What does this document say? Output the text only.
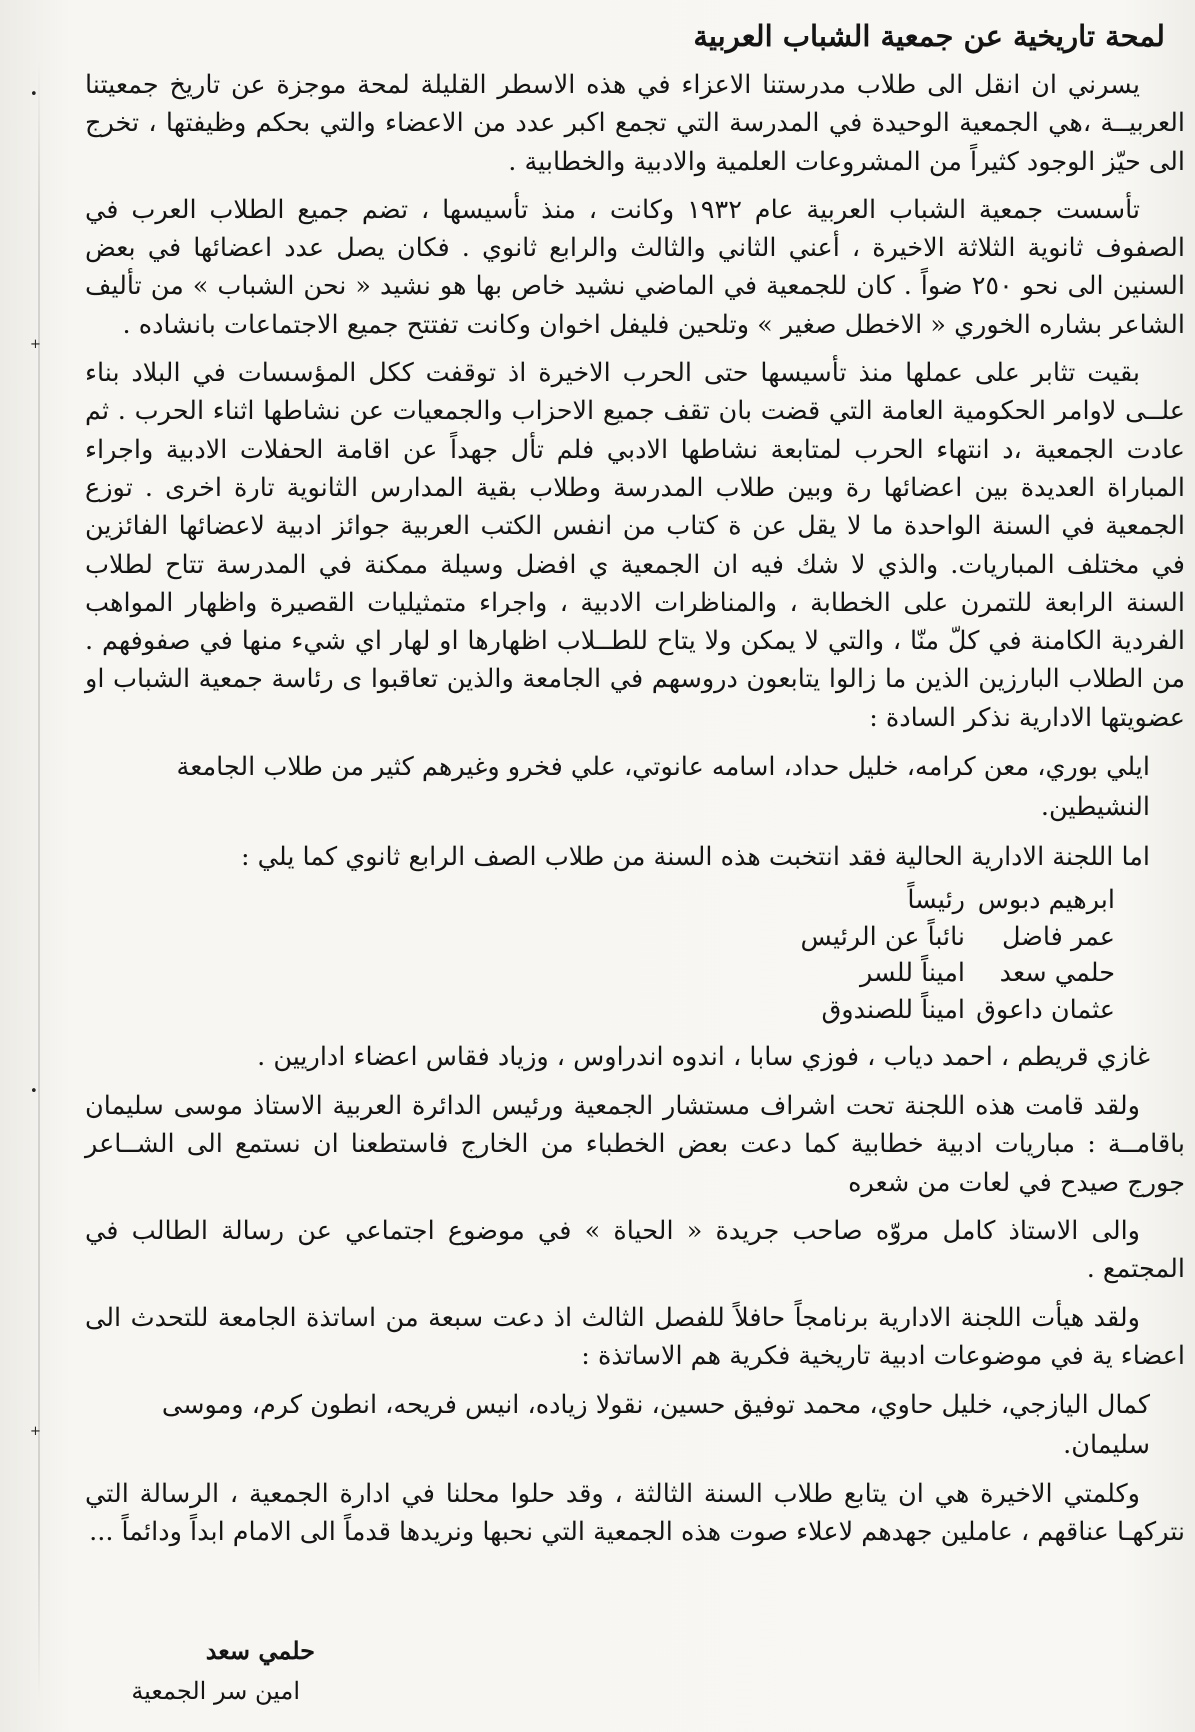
•
+
•
+
لمحة تاريخية عن جمعية الشباب العربية

يسرني ان انقل الى طلاب مدرستنا الاعزاء في هذه الاسطر القليلة لمحة موجزة عن تاريخ جمعيتنا العربيــة ،هي الجمعية الوحيدة في المدرسة التي تجمع اكبر عدد من الاعضاء والتي بحكم وظيفتها ، تخرج الى حيّز الوجود كثيراً من المشروعات العلمية والادبية والخطابية .

تأسست جمعية الشباب العربية عام ١٩٣٢ وكانت ، منذ تأسيسها ، تضم جميع الطلاب العرب في الصفوف ثانوية الثلاثة الاخيرة ، أعني الثاني والثالث والرابع ثانوي . فكان يصل عدد اعضائها في بعض السنين الى نحو ٢٥٠ ضواً . كان للجمعية في الماضي نشيد خاص بها هو نشيد « نحن الشباب » من تأليف الشاعر بشاره الخوري « الاخطل صغير » وتلحين فليفل اخوان وكانت تفتتح جميع الاجتماعات بانشاده .

بقيت تثابر على عملها منذ تأسيسها حتى الحرب الاخيرة اذ توقفت ككل المؤسسات في البلاد بناء علــى لاوامر الحكومية العامة التي قضت بان تقف جميع الاحزاب والجمعيات عن نشاطها اثناء الحرب . ثم عادت الجمعية ،د انتهاء الحرب لمتابعة نشاطها الادبي فلم تأل جهداً عن اقامة الحفلات الادبية واجراء المباراة العديدة بين اعضائها رة وبين طلاب المدرسة وطلاب بقية المدارس الثانوية تارة اخرى . توزع الجمعية في السنة الواحدة ما لا يقل عن ة كتاب من انفس الكتب العربية جوائز ادبية لاعضائها الفائزين في مختلف المباريات. والذي لا شك فيه ان الجمعية ي افضل وسيلة ممكنة في المدرسة تتاح لطلاب السنة الرابعة للتمرن على الخطابة ، والمناظرات الادبية ، واجراء متمثيليات القصيرة واظهار المواهب الفردية الكامنة في كلّ منّا ، والتي لا يمكن ولا يتاح للطــلاب اظهارها او لهار اي شيء منها في صفوفهم . من الطلاب البارزين الذين ما زالوا يتابعون دروسهم في الجامعة والذين تعاقبوا ى رئاسة جمعية الشباب او عضويتها الادارية نذكر السادة :

ايلي بوري، معن كرامه، خليل حداد، اسامه عانوتي، علي فخرو وغيرهم كثير من طلاب الجامعة النشيطين.

اما اللجنة الادارية الحالية فقد انتخبت هذه السنة من طلاب الصف الرابع ثانوي كما يلي :

ابرهيم دبوس
رئيساً
عمر فاضل
نائباً عن الرئيس
حلمي سعد
اميناً للسر
عثمان داعوق
اميناً للصندوق

غازي قريطم ، احمد دياب ، فوزي سابا ، اندوه اندراوس ، وزياد فقاس اعضاء اداريين .

ولقد قامت هذه اللجنة تحت اشراف مستشار الجمعية ورئيس الدائرة العربية الاستاذ موسى سليمان باقامــة : مباريات ادبية خطابية كما دعت بعض الخطباء من الخارج فاستطعنا ان نستمع الى الشــاعر جورج صيدح في لعات من شعره

والى الاستاذ كامل مروّه صاحب جريدة « الحياة » في موضوع اجتماعي عن رسالة الطالب في المجتمع .

ولقد هيأت اللجنة الادارية برنامجاً حافلاً للفصل الثالث اذ دعت سبعة من اساتذة الجامعة للتحدث الى اعضاء ية في موضوعات ادبية تاريخية فكرية هم الاساتذة :

كمال اليازجي، خليل حاوي، محمد توفيق حسين، نقولا زياده، انيس فريحه، انطون كرم، وموسى سليمان.

وكلمتي الاخيرة هي ان يتابع طلاب السنة الثالثة ، وقد حلوا محلنا في ادارة الجمعية ، الرسالة التي نتركهـا عناقهم ، عاملين جهدهم لاعلاء صوت هذه الجمعية التي نحبها ونريدها قدماً الى الامام ابداً ودائماً ...

حلمي سعد
امين سر الجمعية
